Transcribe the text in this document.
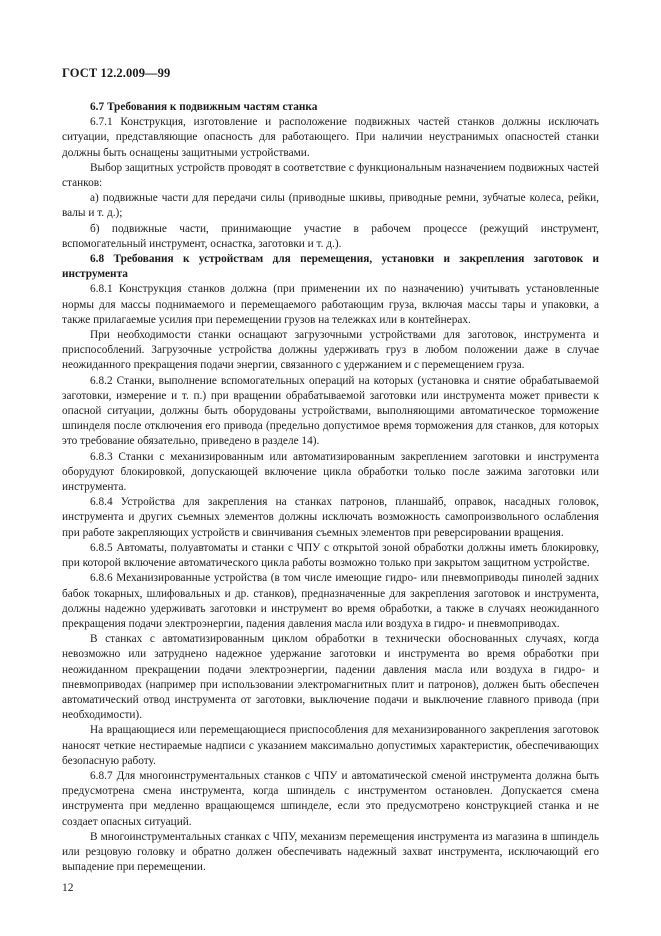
ГОСТ 12.2.009—99
6.7 Требования к подвижным частям станка

6.7.1 Конструкция, изготовление и расположение подвижных частей станков должны исключать ситуации, представляющие опасность для работающего. При наличии неустранимых опасностей станки должны быть оснащены защитными устройствами.

Выбор защитных устройств проводят в соответствие с функциональным назначением подвижных частей станков:

а) подвижные части для передачи силы (приводные шкивы, приводные ремни, зубчатые колеса, рейки, валы и т. д.);

б) подвижные части, принимающие участие в рабочем процессе (режущий инструмент, вспомогательный инструмент, оснастка, заготовки и т. д.).

6.8 Требования к устройствам для перемещения, установки и закрепления заготовок и инструмента

6.8.1 Конструкция станков должна (при применении их по назначению) учитывать установленные нормы для массы поднимаемого и перемещаемого работающим груза, включая массы тары и упаковки, а также прилагаемые усилия при перемещении грузов на тележках или в контейнерах.

При необходимости станки оснащают загрузочными устройствами для заготовок, инструмента и приспособлений. Загрузочные устройства должны удерживать груз в любом положении даже в случае неожиданного прекращения подачи энергии, связанного с удержанием и с перемещением груза.

6.8.2 Станки, выполнение вспомогательных операций на которых (установка и снятие обрабатываемой заготовки, измерение и т. п.) при вращении обрабатываемой заготовки или инструмента может привести к опасной ситуации, должны быть оборудованы устройствами, выполняющими автоматическое торможение шпинделя после отключения его привода (предельно допустимое время торможения для станков, для которых это требование обязательно, приведено в разделе 14).

6.8.3 Станки с механизированным или автоматизированным закреплением заготовки и инструмента оборудуют блокировкой, допускающей включение цикла обработки только после зажима заготовки или инструмента.

6.8.4 Устройства для закрепления на станках патронов, планшайб, оправок, насадных головок, инструмента и других съемных элементов должны исключать возможность самопроизвольного ослабления при работе закрепляющих устройств и свинчивания съемных элементов при реверсировании вращения.

6.8.5 Автоматы, полуавтоматы и станки с ЧПУ с открытой зоной обработки должны иметь блокировку, при которой включение автоматического цикла работы возможно только при закрытом защитном устройстве.

6.8.6 Механизированные устройства (в том числе имеющие гидро- или пневмоприводы пинолей задних бабок токарных, шлифовальных и др. станков), предназначенные для закрепления заготовок и инструмента, должны надежно удерживать заготовки и инструмент во время обработки, а также в случаях неожиданного прекращения подачи электроэнергии, падения давления масла или воздуха в гидро- и пневмоприводах.

В станках с автоматизированным циклом обработки в технически обоснованных случаях, когда невозможно или затруднено надежное удержание заготовки и инструмента во время обработки при неожиданном прекращении подачи электроэнергии, падении давления масла или воздуха в гидро- и пневмоприводах (например при использовании электромагнитных плит и патронов), должен быть обеспечен автоматический отвод инструмента от заготовки, выключение подачи и выключение главного привода (при необходимости).

На вращающиеся или перемещающиеся приспособления для механизированного закрепления заготовок наносят четкие нестираемые надписи с указанием максимально допустимых характеристик, обеспечивающих безопасную работу.

6.8.7 Для многоинструментальных станков с ЧПУ и автоматической сменой инструмента должна быть предусмотрена смена инструмента, когда шпиндель с инструментом остановлен. Допускается смена инструмента при медленно вращающемся шпинделе, если это предусмотрено конструкцией станка и не создает опасных ситуаций.

В многоинструментальных станках с ЧПУ, механизм перемещения инструмента из магазина в шпиндель или резцовую головку и обратно должен обеспечивать надежный захват инструмента, исключающий его выпадение при перемещении.

12
